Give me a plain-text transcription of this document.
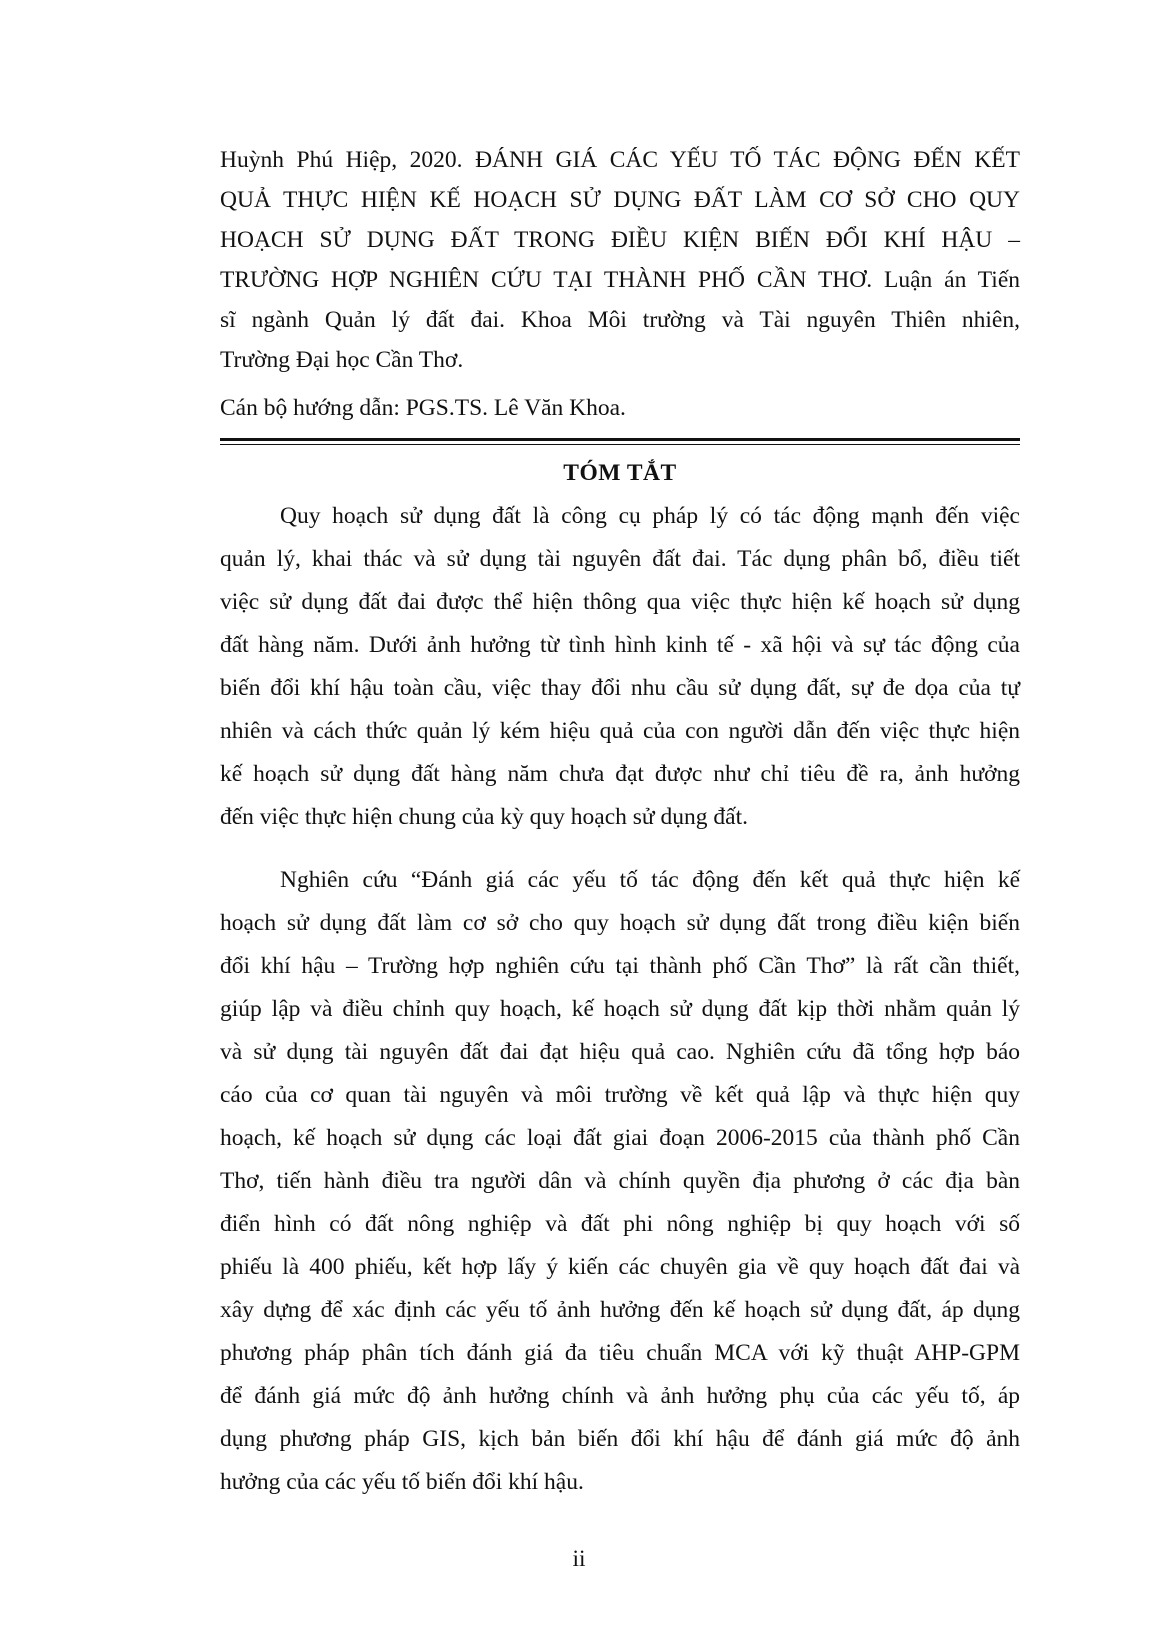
Huỳnh Phú Hiệp, 2020. ĐÁNH GIÁ CÁC YẾU TỐ TÁC ĐỘNG ĐẾN KẾT
QUẢ THỰC HIỆN KẾ HOẠCH SỬ DỤNG ĐẤT LÀM CƠ SỞ CHO QUY
HOẠCH SỬ DỤNG ĐẤT TRONG ĐIỀU KIỆN BIẾN ĐỔI KHÍ HẬU –
TRƯỜNG HỢP NGHIÊN CỨU TẠI THÀNH PHỐ CẦN THƠ. Luận án Tiến
sĩ ngành Quản lý đất đai. Khoa Môi trường và Tài nguyên Thiên nhiên,
Trường Đại học Cần Thơ.

Cán bộ hướng dẫn: PGS.TS. Lê Văn Khoa.

TÓM TẮT

Quy hoạch sử dụng đất là công cụ pháp lý có tác động mạnh đến việc
quản lý, khai thác và sử dụng tài nguyên đất đai. Tác dụng phân bổ, điều tiết
việc sử dụng đất đai được thể hiện thông qua việc thực hiện kế hoạch sử dụng
đất hàng năm. Dưới ảnh hưởng từ tình hình kinh tế - xã hội và sự tác động của
biến đổi khí hậu toàn cầu, việc thay đổi nhu cầu sử dụng đất, sự đe dọa của tự
nhiên và cách thức quản lý kém hiệu quả của con người dẫn đến việc thực hiện
kế hoạch sử dụng đất hàng năm chưa đạt được như chỉ tiêu đề ra, ảnh hưởng
đến việc thực hiện chung của kỳ quy hoạch sử dụng đất.

Nghiên cứu “Đánh giá các yếu tố tác động đến kết quả thực hiện kế
hoạch sử dụng đất làm cơ sở cho quy hoạch sử dụng đất trong điều kiện biến
đổi khí hậu – Trường hợp nghiên cứu tại thành phố Cần Thơ” là rất cần thiết,
giúp lập và điều chỉnh quy hoạch, kế hoạch sử dụng đất kịp thời nhằm quản lý
và sử dụng tài nguyên đất đai đạt hiệu quả cao. Nghiên cứu đã tổng hợp báo
cáo của cơ quan tài nguyên và môi trường về kết quả lập và thực hiện quy
hoạch, kế hoạch sử dụng các loại đất giai đoạn 2006-2015 của thành phố Cần
Thơ, tiến hành điều tra người dân và chính quyền địa phương ở các địa bàn
điển hình có đất nông nghiệp và đất phi nông nghiệp bị quy hoạch với số
phiếu là 400 phiếu, kết hợp lấy ý kiến các chuyên gia về quy hoạch đất đai và
xây dựng để xác định các yếu tố ảnh hưởng đến kế hoạch sử dụng đất, áp dụng
phương pháp phân tích đánh giá đa tiêu chuẩn MCA với kỹ thuật AHP-GPM
để đánh giá mức độ ảnh hưởng chính và ảnh hưởng phụ của các yếu tố, áp
dụng phương pháp GIS, kịch bản biến đổi khí hậu để đánh giá mức độ ảnh
hưởng của các yếu tố biến đổi khí hậu.

ii
